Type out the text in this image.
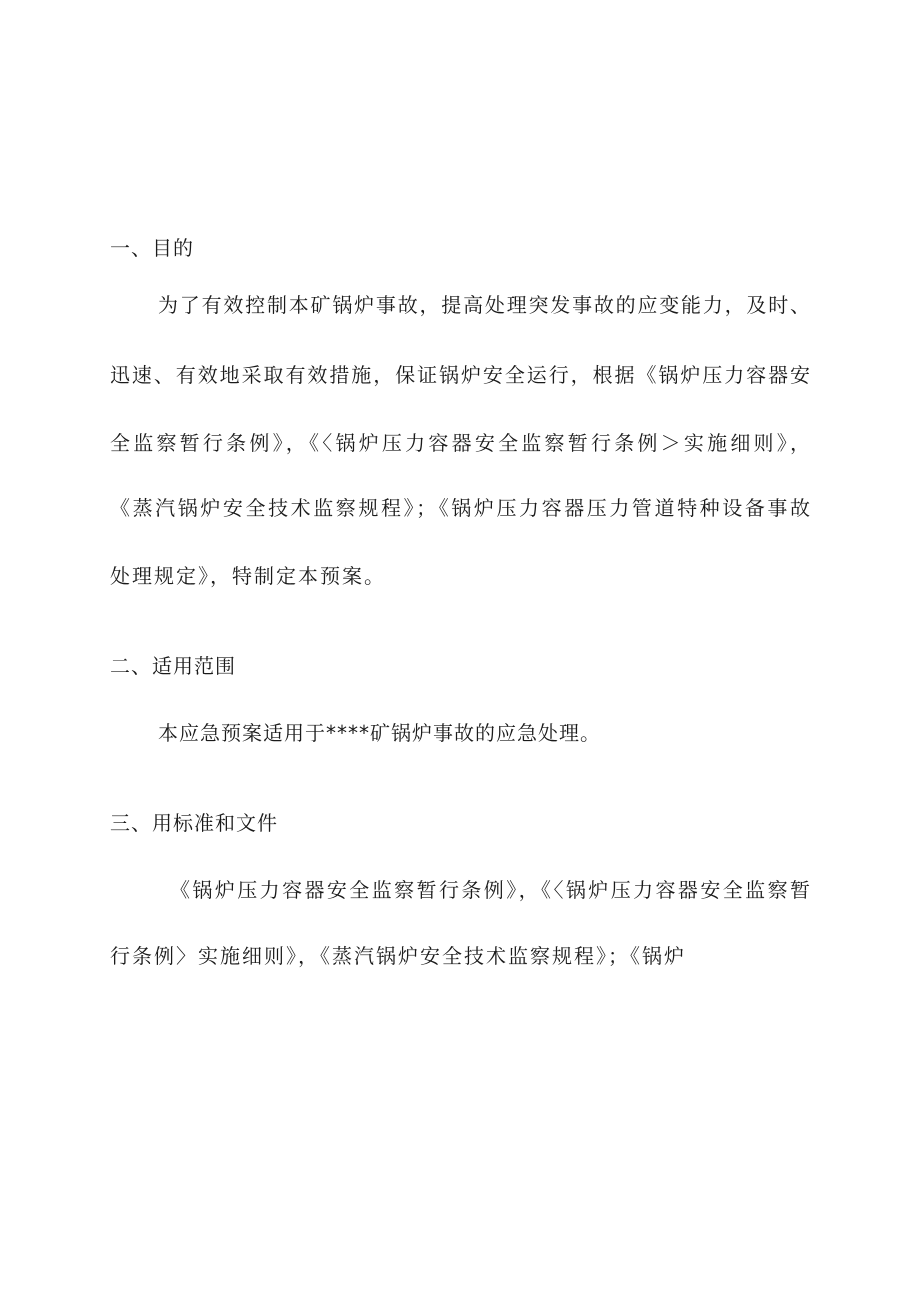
一、目的
为了有效控制本矿锅炉事故，提高处理突发事故的应变能力，及时、
迅速、有效地采取有效措施，保证锅炉安全运行，根据《锅炉压力容器安
全监察暂行条例》，《〈锅炉压力容器安全监察暂行条例＞实施细则》，
《蒸汽锅炉安全技术监察规程》；《锅炉压力容器压力管道特种设备事故
处理规定》，特制定本预案。
二、适用范围
本应急预案适用于****矿锅炉事故的应急处理。
三、用标准和文件
《锅炉压力容器安全监察暂行条例》，《〈锅炉压力容器安全监察暂
行条例〉实施细则》，《蒸汽锅炉安全技术监察规程》；《锅炉
